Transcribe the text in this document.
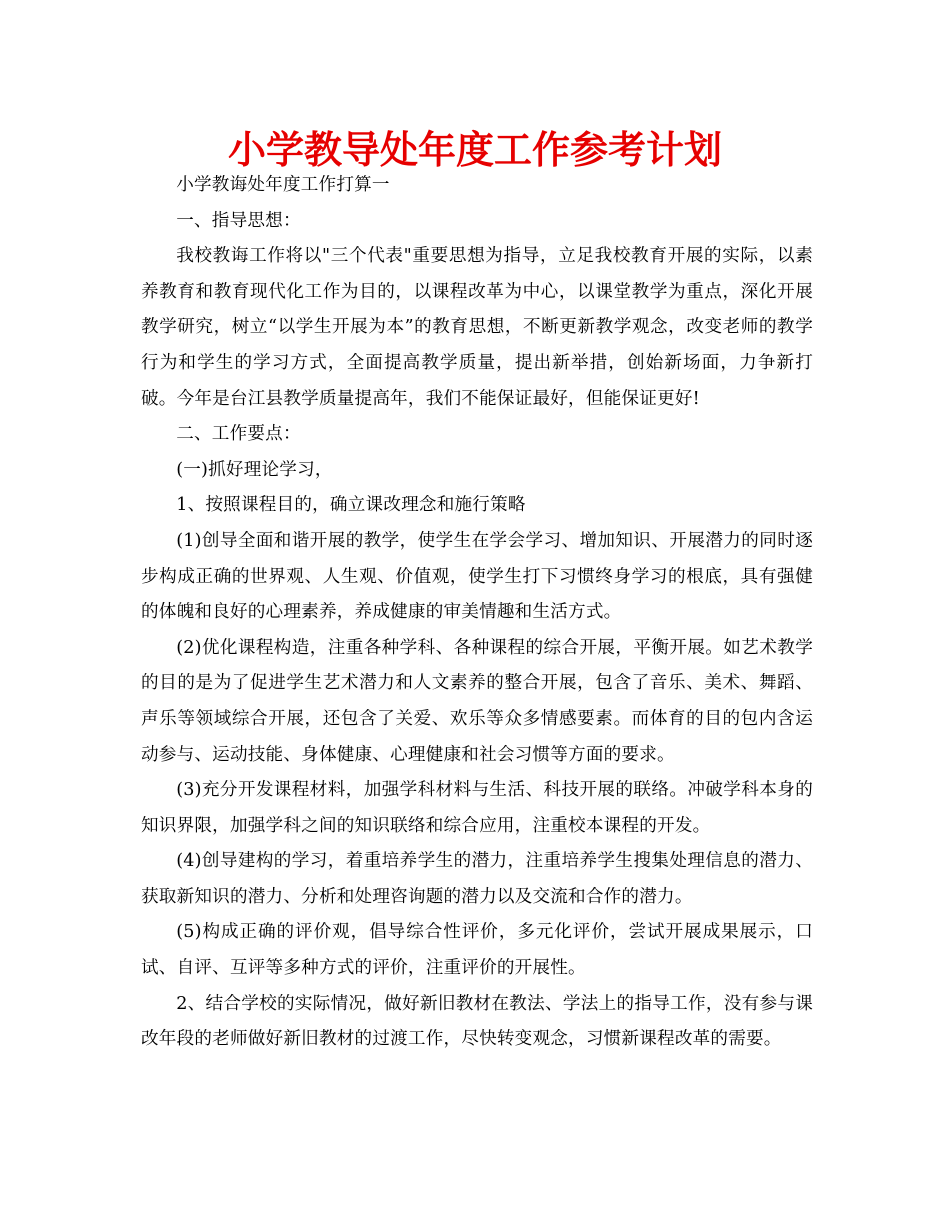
小学教导处年度工作参考计划

小学教诲处年度工作打算一

一、指导思想：

我校教诲工作将以"三个代表"重要思想为指导，立足我校教育开展的实际，以素养教育和教育现代化工作为目的，以课程改革为中心，以课堂教学为重点，深化开展教学研究，树立“以学生开展为本”的教育思想，不断更新教学观念，改变老师的教学行为和学生的学习方式，全面提高教学质量，提出新举措，创始新场面，力争新打破。今年是台江县教学质量提高年，我们不能保证最好，但能保证更好!

二、工作要点：

(一)抓好理论学习，

1、按照课程目的，确立课改理念和施行策略

(1)创导全面和谐开展的教学，使学生在学会学习、增加知识、开展潜力的同时逐步构成正确的世界观、人生观、价值观，使学生打下习惯终身学习的根底，具有强健的体魄和良好的心理素养，养成健康的审美情趣和生活方式。

(2)优化课程构造，注重各种学科、各种课程的综合开展，平衡开展。如艺术教学的目的是为了促进学生艺术潜力和人文素养的整合开展，包含了音乐、美术、舞蹈、声乐等领域综合开展，还包含了关爱、欢乐等众多情感要素。而体育的目的包内含运动参与、运动技能、身体健康、心理健康和社会习惯等方面的要求。

(3)充分开发课程材料，加强学科材料与生活、科技开展的联络。冲破学科本身的知识界限，加强学科之间的知识联络和综合应用，注重校本课程的开发。

(4)创导建构的学习，着重培养学生的潜力，注重培养学生搜集处理信息的潜力、获取新知识的潜力、分析和处理咨询题的潜力以及交流和合作的潜力。

(5)构成正确的评价观，倡导综合性评价，多元化评价，尝试开展成果展示，口试、自评、互评等多种方式的评价，注重评价的开展性。

2、结合学校的实际情况，做好新旧教材在教法、学法上的指导工作，没有参与课改年段的老师做好新旧教材的过渡工作，尽快转变观念，习惯新课程改革的需要。
